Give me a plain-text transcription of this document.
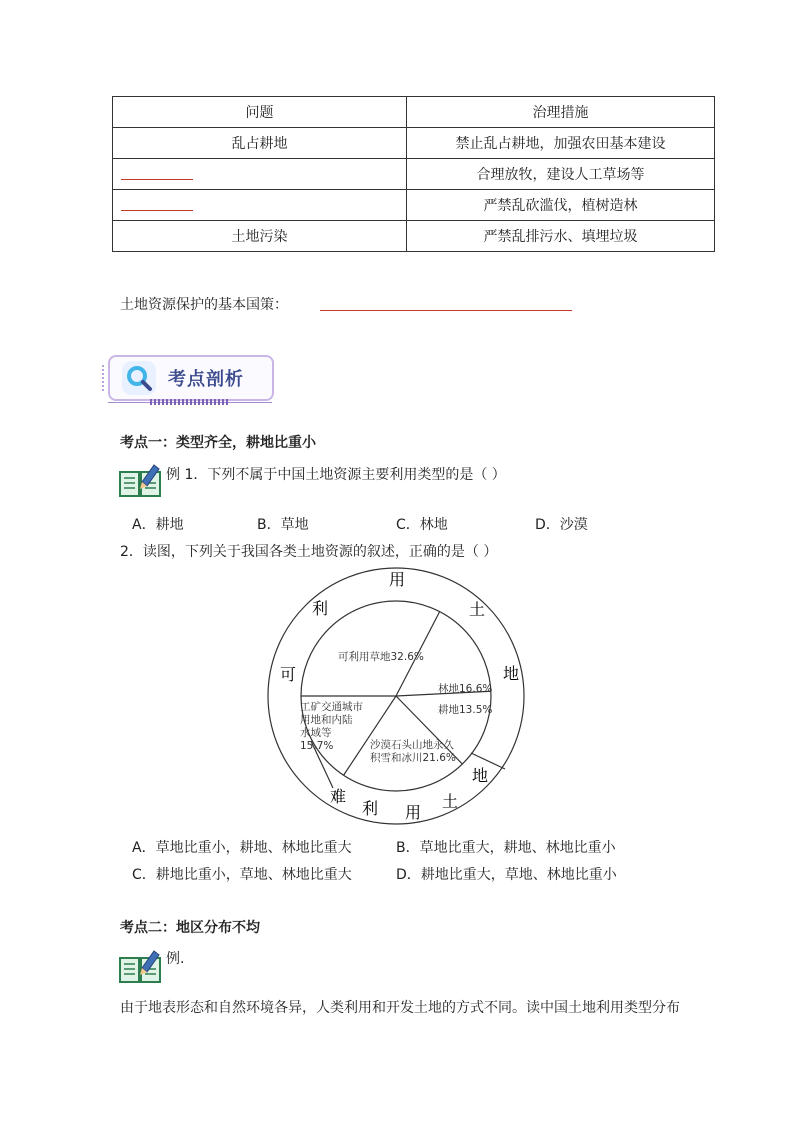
问题	治理措施
乱占耕地	禁止乱占耕地，加强农田基本建设
	合理放牧，建设人工草场等
	严禁乱砍滥伐，植树造林
土地污染	严禁乱排污水、填埋垃圾
土地资源保护的基本国策：
考点剖析
考点一：类型齐全，耕地比重小
例 1．下列不属于中国土地资源主要利用类型的是（ ）
A．耕地	B．草地	C．林地	D．沙漠
2．读图，下列关于我国各类土地资源的叙述，正确的是（ ）
可
利
用
土
地
难
利 用
土
地
可利用草地32.6%
林地16.6%
耕地13.5%
沙漠石头山地永久
积雪和冰川21.6%
工矿交通城市
用地和内陆
水域等
15.7%
A．草地比重小，耕地、林地比重大	B．草地比重大，耕地、林地比重小
C．耕地比重小，草地、林地比重大	D．耕地比重大，草地、林地比重小
考点二：地区分布不均
例.
由于地表形态和自然环境各异，人类利用和开发土地的方式不同。读中国土地利用类型分布
